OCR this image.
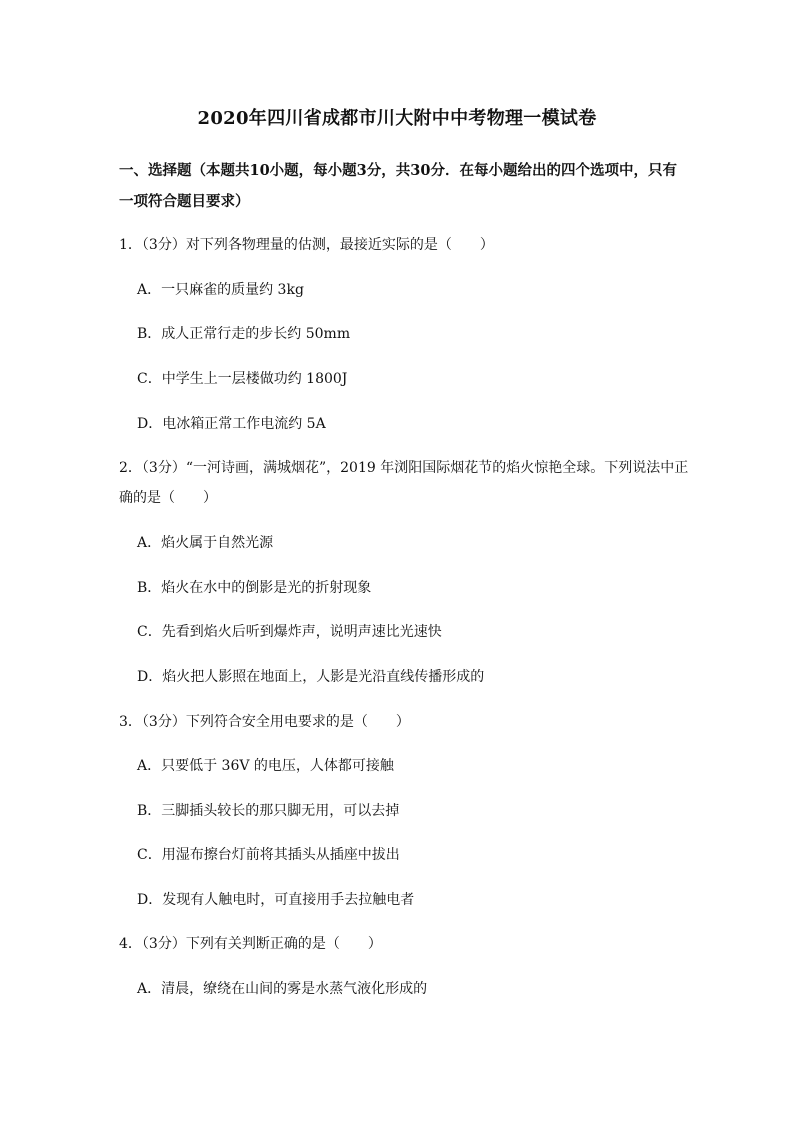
2020年四川省成都市川大附中中考物理一模试卷
一、选择题（本题共10小题，每小题3分，共30分．在每小题给出的四个选项中，只有一项符合题目要求）
1．（3分）对下列各物理量的估测，最接近实际的是（　　）
A．一只麻雀的质量约 3kg
B．成人正常行走的步长约 50mm
C．中学生上一层楼做功约 1800J
D．电冰箱正常工作电流约 5A
2．（3分）“一河诗画，满城烟花”，2019 年浏阳国际烟花节的焰火惊艳全球。下列说法中正
确的是（　　）
A．焰火属于自然光源
B．焰火在水中的倒影是光的折射现象
C．先看到焰火后听到爆炸声，说明声速比光速快
D．焰火把人影照在地面上，人影是光沿直线传播形成的
3．（3分）下列符合安全用电要求的是（　　）
A．只要低于 36V 的电压，人体都可接触
B．三脚插头较长的那只脚无用，可以去掉
C．用湿布擦台灯前将其插头从插座中拔出
D．发现有人触电时，可直接用手去拉触电者
4．（3分）下列有关判断正确的是（　　）
A．清晨，缭绕在山间的雾是水蒸气液化形成的
